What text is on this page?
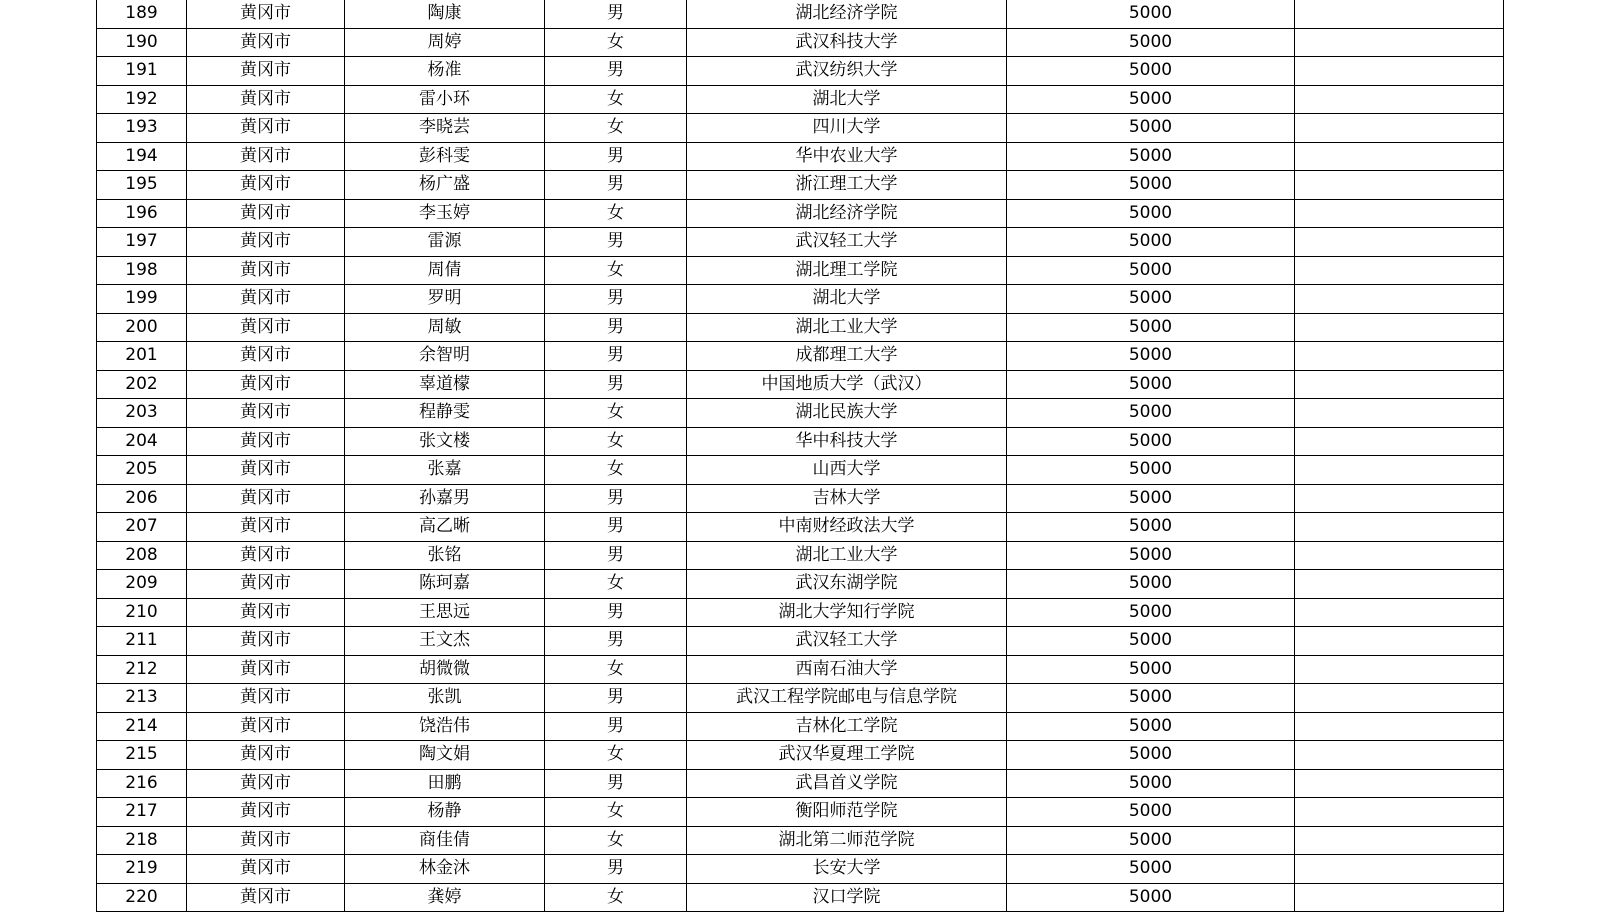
189	黄冈市	陶康	男	湖北经济学院	5000	
190	黄冈市	周婷	女	武汉科技大学	5000	
191	黄冈市	杨准	男	武汉纺织大学	5000	
192	黄冈市	雷小环	女	湖北大学	5000	
193	黄冈市	李晓芸	女	四川大学	5000	
194	黄冈市	彭科雯	男	华中农业大学	5000	
195	黄冈市	杨广盛	男	浙江理工大学	5000	
196	黄冈市	李玉婷	女	湖北经济学院	5000	
197	黄冈市	雷源	男	武汉轻工大学	5000	
198	黄冈市	周倩	女	湖北理工学院	5000	
199	黄冈市	罗明	男	湖北大学	5000	
200	黄冈市	周敏	男	湖北工业大学	5000	
201	黄冈市	余智明	男	成都理工大学	5000	
202	黄冈市	辜道檬	男	中国地质大学（武汉）	5000	
203	黄冈市	程静雯	女	湖北民族大学	5000	
204	黄冈市	张文楼	女	华中科技大学	5000	
205	黄冈市	张嘉	女	山西大学	5000	
206	黄冈市	孙嘉男	男	吉林大学	5000	
207	黄冈市	高乙晰	男	中南财经政法大学	5000	
208	黄冈市	张铭	男	湖北工业大学	5000	
209	黄冈市	陈珂嘉	女	武汉东湖学院	5000	
210	黄冈市	王思远	男	湖北大学知行学院	5000	
211	黄冈市	王文杰	男	武汉轻工大学	5000	
212	黄冈市	胡微微	女	西南石油大学	5000	
213	黄冈市	张凯	男	武汉工程学院邮电与信息学院	5000	
214	黄冈市	饶浩伟	男	吉林化工学院	5000	
215	黄冈市	陶文娟	女	武汉华夏理工学院	5000	
216	黄冈市	田鹏	男	武昌首义学院	5000	
217	黄冈市	杨静	女	衡阳师范学院	5000	
218	黄冈市	商佳倩	女	湖北第二师范学院	5000	
219	黄冈市	林金沐	男	长安大学	5000	
220	黄冈市	龚婷	女	汉口学院	5000	
